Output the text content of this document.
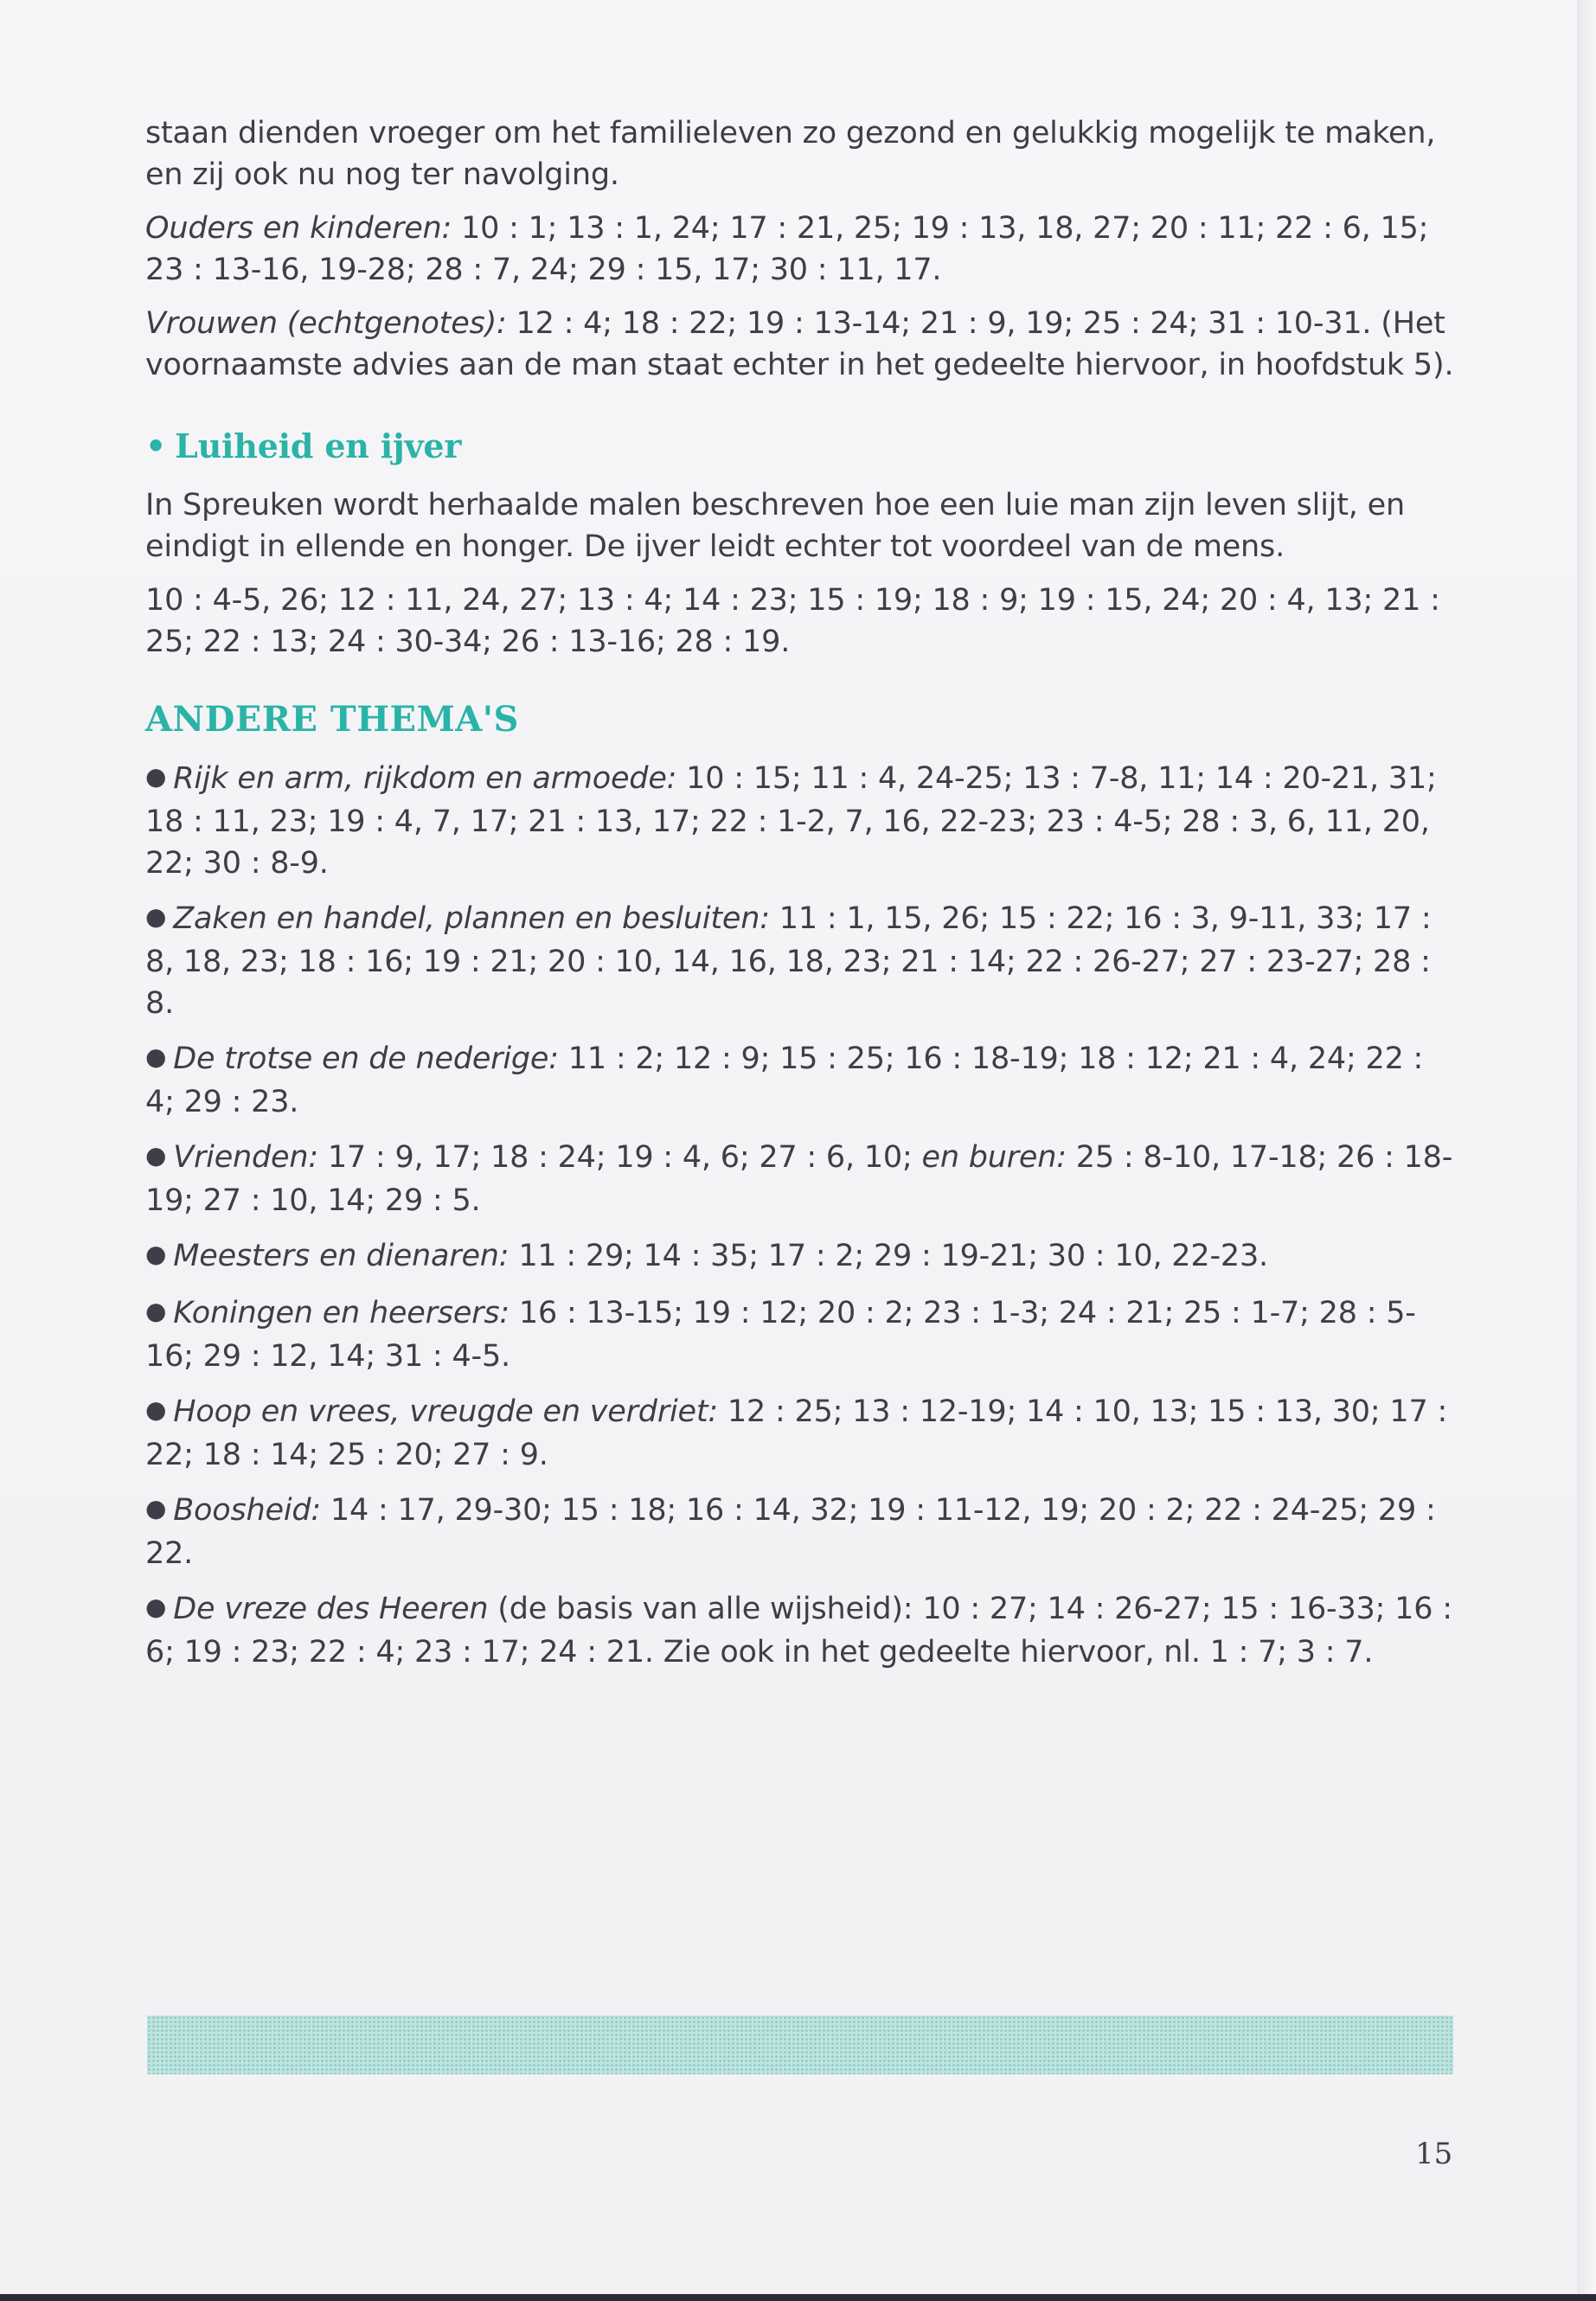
staan dienden vroeger om het familieleven zo gezond en gelukkig mogelijk te maken, en zij ook nu nog ter navolging.

Ouders en kinderen: 10 : 1; 13 : 1, 24; 17 : 21, 25; 19 : 13, 18, 27; 20 : 11; 22 : 6, 15; 23 : 13-16, 19-28; 28 : 7, 24; 29 : 15, 17; 30 : 11, 17.

Vrouwen (echtgenotes): 12 : 4; 18 : 22; 19 : 13-14; 21 : 9, 19; 25 : 24; 31 : 10-31. (Het voornaamste advies aan de man staat echter in het gedeelte hiervoor, in hoofdstuk 5).

• Luiheid en ijver

In Spreuken wordt herhaalde malen beschreven hoe een luie man zijn leven slijt, en eindigt in ellende en honger. De ijver leidt echter tot voordeel van de mens.

10 : 4-5, 26; 12 : 11, 24, 27; 13 : 4; 14 : 23; 15 : 19; 18 : 9; 19 : 15, 24; 20 : 4, 13; 21 : 25; 22 : 13; 24 : 30-34; 26 : 13-16; 28 : 19.

ANDERE THEMA'S

● Rijk en arm, rijkdom en armoede: 10 : 15; 11 : 4, 24-25; 13 : 7-8, 11; 14 : 20-21, 31; 18 : 11, 23; 19 : 4, 7, 17; 21 : 13, 17; 22 : 1-2, 7, 16, 22-23; 23 : 4-5; 28 : 3, 6, 11, 20, 22; 30 : 8-9.

● Zaken en handel, plannen en besluiten: 11 : 1, 15, 26; 15 : 22; 16 : 3, 9-11, 33; 17 : 8, 18, 23; 18 : 16; 19 : 21; 20 : 10, 14, 16, 18, 23; 21 : 14; 22 : 26-27; 27 : 23-27; 28 : 8.

● De trotse en de nederige: 11 : 2; 12 : 9; 15 : 25; 16 : 18-19; 18 : 12; 21 : 4, 24; 22 : 4; 29 : 23.

● Vrienden: 17 : 9, 17; 18 : 24; 19 : 4, 6; 27 : 6, 10; en buren: 25 : 8-10, 17-18; 26 : 18-19; 27 : 10, 14; 29 : 5.

● Meesters en dienaren: 11 : 29; 14 : 35; 17 : 2; 29 : 19-21; 30 : 10, 22-23.

● Koningen en heersers: 16 : 13-15; 19 : 12; 20 : 2; 23 : 1-3; 24 : 21; 25 : 1-7; 28 : 5-16; 29 : 12, 14; 31 : 4-5.

● Hoop en vrees, vreugde en verdriet: 12 : 25; 13 : 12-19; 14 : 10, 13; 15 : 13, 30; 17 : 22; 18 : 14; 25 : 20; 27 : 9.

● Boosheid: 14 : 17, 29-30; 15 : 18; 16 : 14, 32; 19 : 11-12, 19; 20 : 2; 22 : 24-25; 29 : 22.

● De vreze des Heeren (de basis van alle wijsheid): 10 : 27; 14 : 26-27; 15 : 16-33; 16 : 6; 19 : 23; 22 : 4; 23 : 17; 24 : 21. Zie ook in het gedeelte hiervoor, nl. 1 : 7; 3 : 7.

15
